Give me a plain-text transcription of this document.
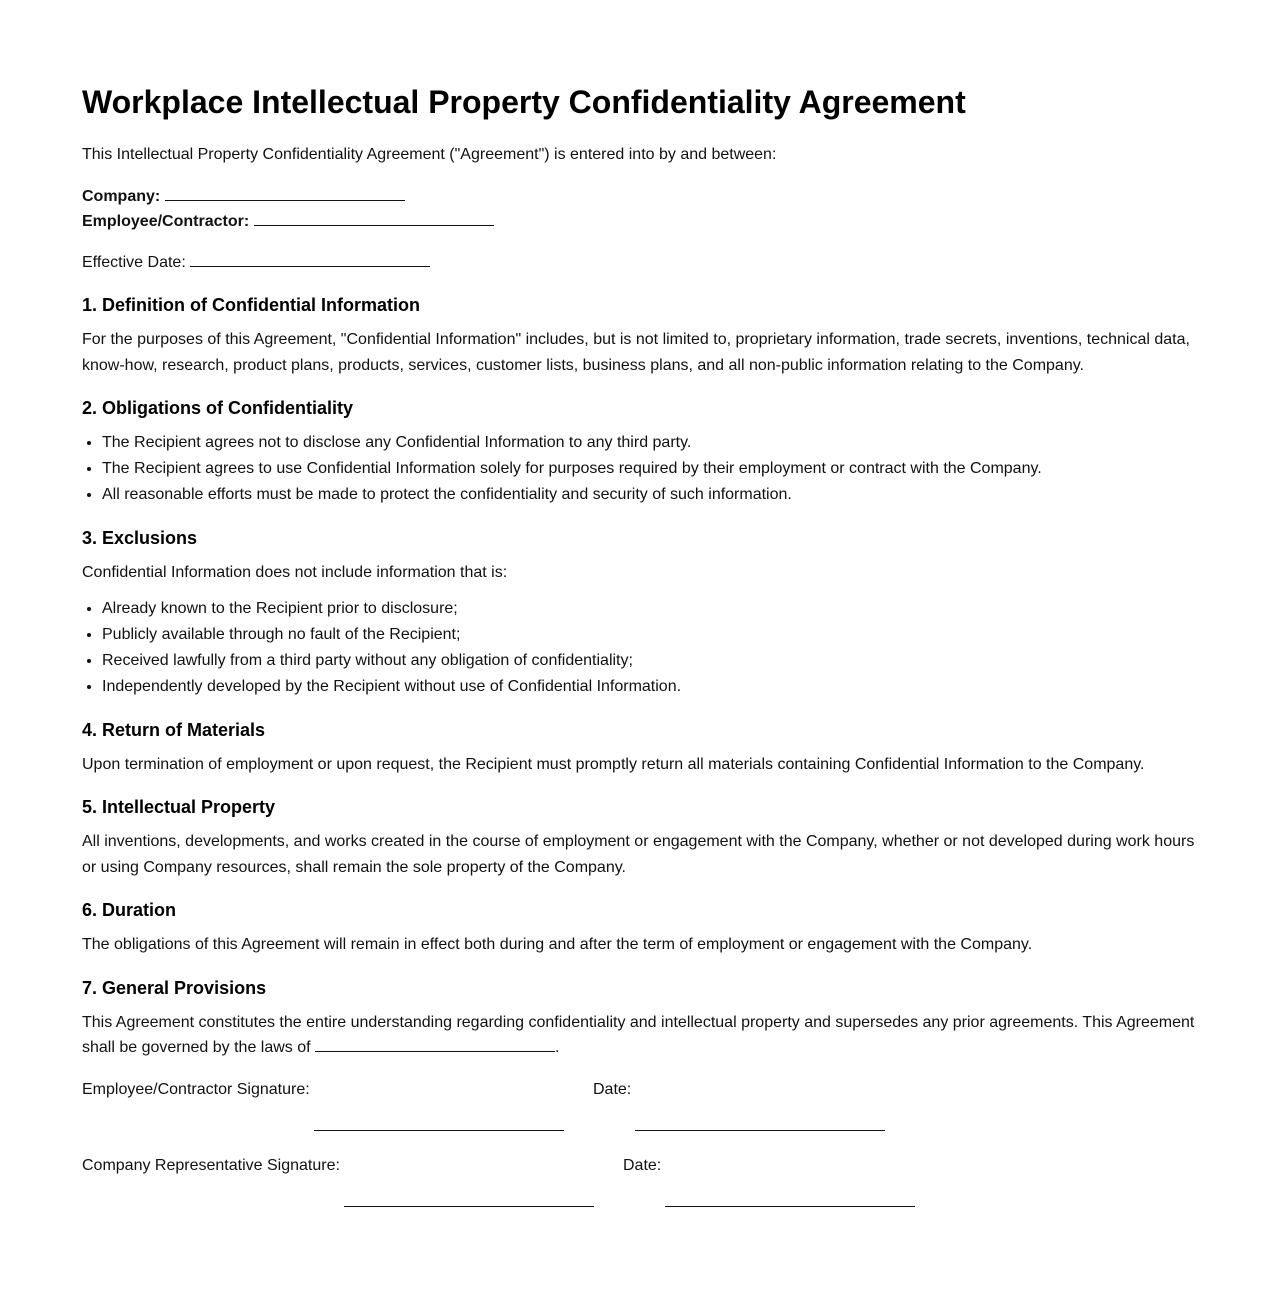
Workplace Intellectual Property Confidentiality Agreement

This Intellectual Property Confidentiality Agreement ("Agreement") is entered into by and between:

Company:
Employee/Contractor:

Effective Date:

1. Definition of Confidential Information

For the purposes of this Agreement, "Confidential Information" includes, but is not limited to, proprietary information, trade secrets, inventions, technical data, know-how, research, product plans, products, services, customer lists, business plans, and all non-public information relating to the Company.

2. Obligations of Confidentiality
• The Recipient agrees not to disclose any Confidential Information to any third party.
• The Recipient agrees to use Confidential Information solely for purposes required by their employment or contract with the Company.
• All reasonable efforts must be made to protect the confidentiality and security of such information.
3. Exclusions

Confidential Information does not include information that is:

• Already known to the Recipient prior to disclosure;
• Publicly available through no fault of the Recipient;
• Received lawfully from a third party without any obligation of confidentiality;
• Independently developed by the Recipient without use of Confidential Information.
4. Return of Materials

Upon termination of employment or upon request, the Recipient must promptly return all materials containing Confidential Information to the Company.

5. Intellectual Property

All inventions, developments, and works created in the course of employment or engagement with the Company, whether or not developed during work hours or using Company resources, shall remain the sole property of the Company.

6. Duration

The obligations of this Agreement will remain in effect both during and after the term of employment or engagement with the Company.

7. General Provisions

This Agreement constitutes the entire understanding regarding confidentiality and intellectual property and supersedes any prior agreements. This Agreement shall be governed by the laws of	.

Employee/Contractor Signature:	Date:
Company Representative Signature:	Date:
